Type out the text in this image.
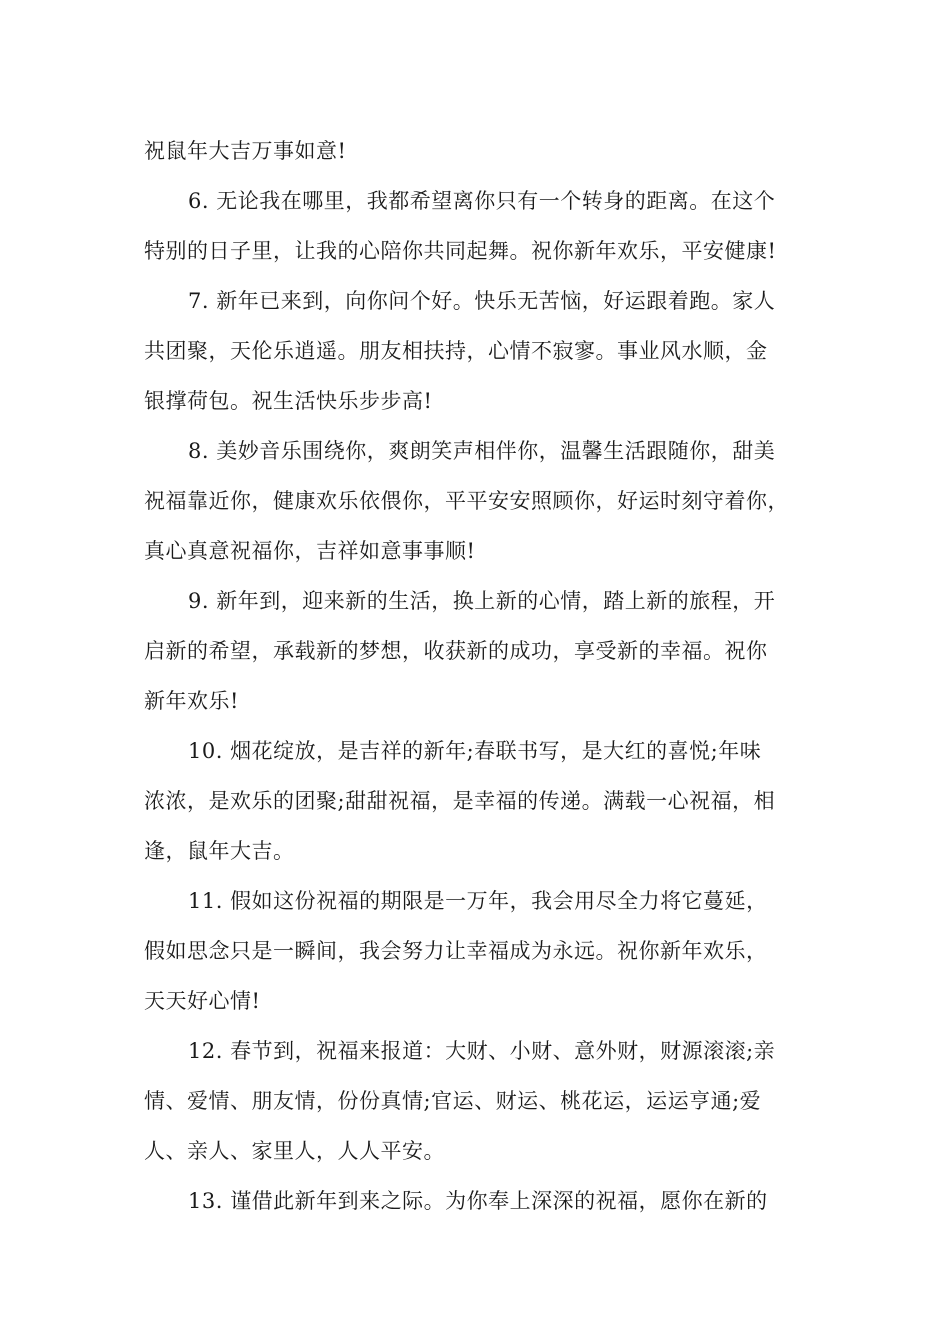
祝鼠年大吉万事如意!
6. 无论我在哪里，我都希望离你只有一个转身的距离。在这个
特别的日子里，让我的心陪你共同起舞。祝你新年欢乐，平安健康!
7. 新年已来到，向你问个好。快乐无苦恼，好运跟着跑。家人
共团聚，天伦乐逍遥。朋友相扶持，心情不寂寥。事业风水顺，金
银撑荷包。祝生活快乐步步高!
8. 美妙音乐围绕你，爽朗笑声相伴你，温馨生活跟随你，甜美
祝福靠近你，健康欢乐依偎你，平平安安照顾你，好运时刻守着你，
真心真意祝福你，吉祥如意事事顺!
9. 新年到，迎来新的生活，换上新的心情，踏上新的旅程，开
启新的希望，承载新的梦想，收获新的成功，享受新的幸福。祝你
新年欢乐!
10. 烟花绽放，是吉祥的新年;春联书写，是大红的喜悦;年味
浓浓，是欢乐的团聚;甜甜祝福，是幸福的传递。满载一心祝福，相
逢，鼠年大吉。
11. 假如这份祝福的期限是一万年，我会用尽全力将它蔓延，
假如思念只是一瞬间，我会努力让幸福成为永远。祝你新年欢乐，
天天好心情!
12. 春节到，祝福来报道：大财、小财、意外财，财源滚滚;亲
情、爱情、朋友情，份份真情;官运、财运、桃花运，运运亨通;爱
人、亲人、家里人，人人平安。
13. 谨借此新年到来之际。为你奉上深深的祝福，愿你在新的
